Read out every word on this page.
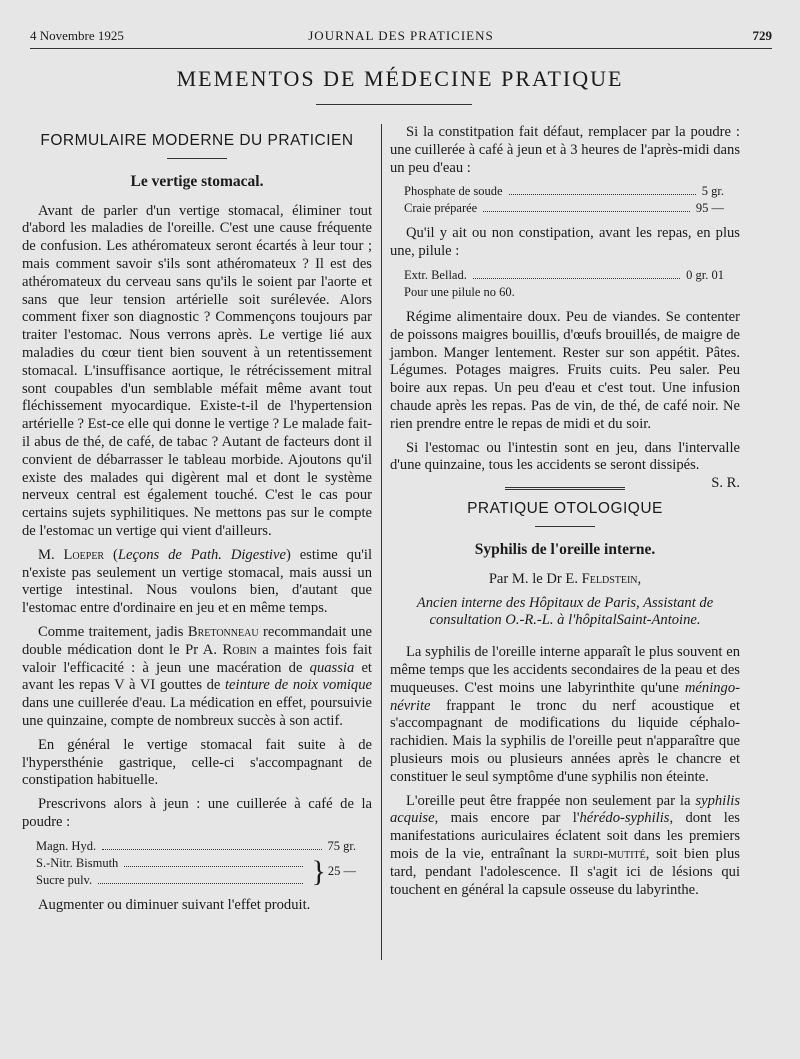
4 Novembre 1925	JOURNAL DES PRATICIENS	729
MEMENTOS DE MÉDECINE PRATIQUE
FORMULAIRE MODERNE DU PRATICIEN
Le vertige stomacal.

Avant de parler d'un vertige stomacal, éliminer tout d'abord les maladies de l'oreille. C'est une cause fréquente de confusion. Les athéromateux seront écartés à leur tour ; mais comment savoir s'ils sont athéromateux ? Il est des athéromateux du cerveau sans qu'ils le soient par l'aorte et sans que leur tension artérielle soit surélevée. Alors comment fixer son diagnostic ? Commençons toujours par traiter l'estomac. Nous verrons après. Le vertige lié aux maladies du cœur tient bien souvent à un retentissement stomacal. L'insuffisance aortique, le rétrécissement mitral sont coupables d'un semblable méfait même avant tout fléchissement myocardique. Existe-t-il de l'hypertension artérielle ? Est-ce elle qui donne le vertige ? Le malade fait-il abus de thé, de café, de tabac ? Autant de facteurs dont il convient de débarrasser le tableau morbide. Ajoutons qu'il existe des malades qui digèrent mal et dont le système nerveux central est également touché. C'est le cas pour certains sujets syphilitiques. Ne mettons pas sur le compte de l'estomac un vertige qui vient d'ailleurs.

M. Loeper (Leçons de Path. Digestive) estime qu'il n'existe pas seulement un vertige stomacal, mais aussi un vertige intestinal. Nous voulons bien, d'autant que l'estomac entre d'ordinaire en jeu et en même temps.

Comme traitement, jadis Bretonneau recommandait une double médication dont le Pr A. Robin a maintes fois fait valoir l'efficacité : à jeun une macération de quassia et avant les repas V à VI gouttes de teinture de noix vomique dans une cuillerée d'eau. La médication en effet, poursuivie une quinzaine, compte de nombreux succès à son actif.

En général le vertige stomacal fait suite à de l'hypersthénie gastrique, celle-ci s'accompagnant de constipation habituelle.

Prescrivons alors à jeun : une cuillerée à café de la poudre :

Magn. Hyd.	75 gr.
S.-Nitr. Bismuth
Sucre pulv.	} 25 —

Augmenter ou diminuer suivant l'effet produit.

Si la constitpation fait défaut, remplacer par la poudre : une cuillerée à café à jeun et à 3 heures de l'après-midi dans un peu d'eau :

Phosphate de soude	5 gr.
Craie préparée	95 —

Qu'il y ait ou non constipation, avant les repas, en plus une, pilule :

Extr. Bellad.	0 gr. 01
Pour une pilule no 60.

Régime alimentaire doux. Peu de viandes. Se contenter de poissons maigres bouillis, d'œufs brouillés, de maigre de jambon. Manger lentement. Rester sur son appétit. Pâtes. Légumes. Potages maigres. Fruits cuits. Peu saler. Peu boire aux repas. Un peu d'eau et c'est tout. Une infusion chaude après les repas. Pas de vin, de thé, de café noir. Ne rien prendre entre le repas de midi et du soir.

Si l'estomac ou l'intestin sont en jeu, dans l'intervalle d'une quinzaine, tous les accidents se seront dissipés.
S. R.

PRATIQUE OTOLOGIQUE
Syphilis de l'oreille interne.
Par M. le Dr E. Feldstein,
Ancien interne des Hôpitaux de Paris, Assistant de consultation O.-R.-L. à l'hôpitalSaint-Antoine.

La syphilis de l'oreille interne apparaît le plus souvent en même temps que les accidents secondaires de la peau et des muqueuses. C'est moins une labyrinthite qu'une méningo-névrite frappant le tronc du nerf acoustique et s'accompagnant de modifications du liquide céphalo-rachidien. Mais la syphilis de l'oreille peut n'apparaître que plusieurs mois ou plusieurs années après le chancre et constituer le seul symptôme d'une syphilis non éteinte.

L'oreille peut être frappée non seulement par la syphilis acquise, mais encore par l'hérédo-syphilis, dont les manifestations auriculaires éclatent soit dans les premiers mois de la vie, entraînant la surdi-mutité, soit bien plus tard, pendant l'adolescence. Il s'agit ici de lésions qui touchent en général la capsule osseuse du labyrinthe.
